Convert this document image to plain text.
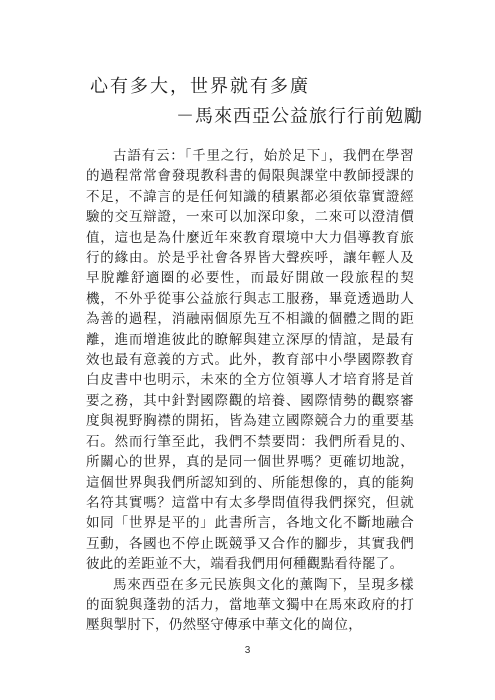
心有多大，世界就有多廣
－馬來西亞公益旅行行前勉勵

古語有云：「千里之行，始於足下」，我們在學習的過程常常會發現教科書的侷限與課堂中教師授課的不足，不諱言的是任何知識的積累都必須依靠實證經驗的交互辯證，一來可以加深印象，二來可以澄清價值，這也是為什麼近年來教育環境中大力倡導教育旅行的緣由。於是乎社會各界皆大聲疾呼，讓年輕人及早脫離舒適圈的必要性，而最好開啟一段旅程的契機，不外乎從事公益旅行與志工服務，畢竟透過助人為善的過程，消融兩個原先互不相識的個體之間的距離，進而增進彼此的瞭解與建立深厚的情誼，是最有效也最有意義的方式。此外，教育部中小學國際教育白皮書中也明示，未來的全方位領導人才培育將是首要之務，其中針對國際觀的培養、國際情勢的觀察審度與視野胸襟的開拓，皆為建立國際競合力的重要基石。然而行筆至此，我們不禁要問：我們所看見的、所關心的世界，真的是同一個世界嗎？更確切地說，這個世界與我們所認知到的、所能想像的，真的能夠名符其實嗎？這當中有太多學問值得我們探究，但就如同「世界是平的」此書所言，各地文化不斷地融合互動，各國也不停止既競爭又合作的腳步，其實我們彼此的差距並不大，端看我們用何種觀點看待罷了。

馬來西亞在多元民族與文化的薰陶下，呈現多樣的面貌與蓬勃的活力，當地華文獨中在馬來政府的打壓與掣肘下，仍然堅守傳承中華文化的崗位，

3
